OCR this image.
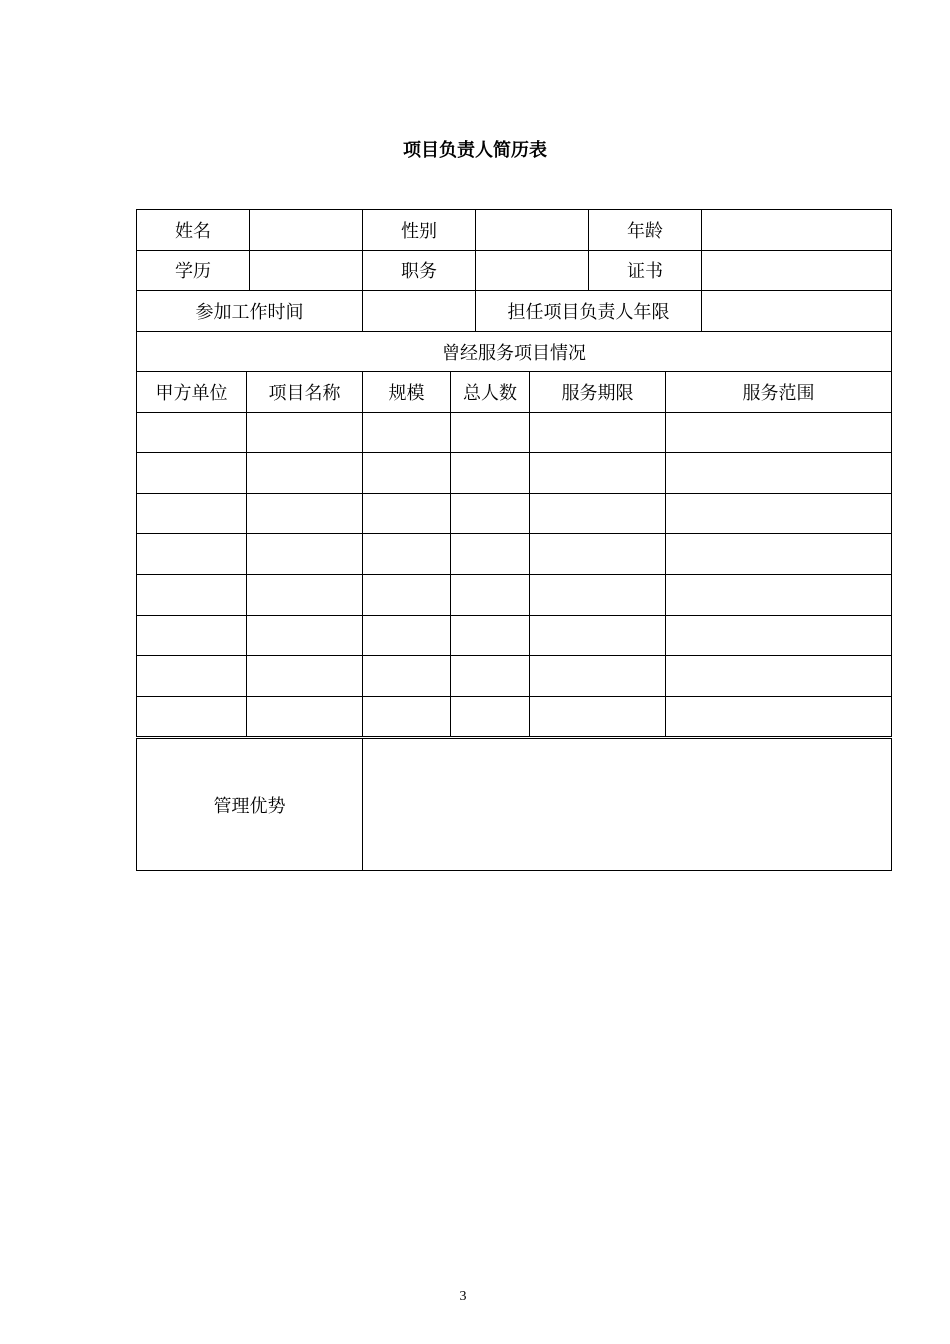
项目负责人简历表
姓名		性别		年龄	
学历		职务		证书	
参加工作时间			担任项目负责人年限		
曾经服务项目情况					
甲方单位	项目名称	规模	总人数	服务期限	服务范围

管理优势	
3
